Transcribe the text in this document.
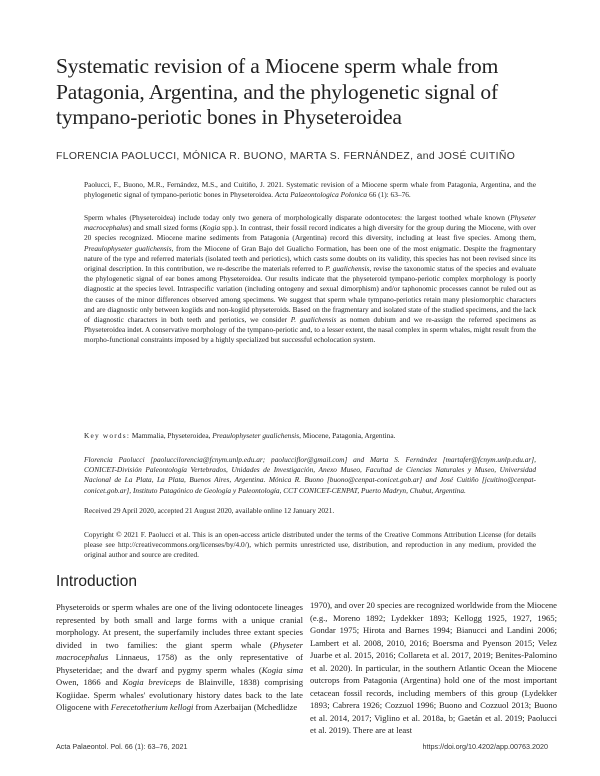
Systematic revision of a Miocene sperm whale from Patagonia, Argentina, and the phylogenetic signal of tympano-periotic bones in Physeteroidea
FLORENCIA PAOLUCCI, MÓNICA R. BUONO, MARTA S. FERNÁNDEZ, and JOSÉ CUITIÑO
Paolucci, F., Buono, M.R., Fernández, M.S., and Cuitiño, J. 2021. Systematic revision of a Miocene sperm whale from Patagonia, Argentina, and the phylogenetic signal of tympano-periotic bones in Physeteroidea. Acta Palaeontologica Polonica 66 (1): 63–76.
Sperm whales (Physeteroidea) include today only two genera of morphologically disparate odontocetes: the largest toothed whale known (Physeter macrocephalus) and small sized forms (Kogia spp.). In contrast, their fossil record indicates a high diversity for the group during the Miocene, with over 20 species recognized. Miocene marine sediments from Patagonia (Argentina) record this diversity, including at least five species. Among them, Preaulophyseter gualichensis, from the Miocene of Gran Bajo del Gualicho Formation, has been one of the most enigmatic. Despite the fragmentary nature of the type and referred materials (isolated teeth and periotics), which casts some doubts on its validity, this species has not been revised since its original description. In this contribution, we re-describe the materials referred to P. gualichensis, revise the taxonomic status of the species and evaluate the phylogenetic signal of ear bones among Physeteroidea. Our results indicate that the physeteroid tympano-periotic complex morphology is poorly diagnostic at the species level. Intraspecific variation (including ontogeny and sexual dimorphism) and/or taphonomic processes cannot be ruled out as the causes of the minor differences observed among specimens. We suggest that sperm whale tympano-periotics retain many plesiomorphic characters and are diagnostic only between kogiids and non-kogiid physeteroids. Based on the fragmentary and isolated state of the studied specimens, and the lack of diagnostic characters in both teeth and periotics, we consider P. gualichensis as nomen dubium and we re-assign the referred specimens as Physeteroidea indet. A conservative morphology of the tympano-periotic and, to a lesser extent, the nasal complex in sperm whales, might result from the morpho-functional constraints imposed by a highly specialized but successful echolocation system.
Key words: Mammalia, Physeteroidea, Preaulophyseter gualichensis, Miocene, Patagonia, Argentina.
Florencia Paolucci [paoluccilorencia@fcnym.unlp.edu.ar; paolucciflor@gmail.com] and Marta S. Fernández [martafer@fcnym.unlp.edu.ar], CONICET-División Paleontología Vertebrados, Unidades de Investigación, Anexo Museo, Facultad de Ciencias Naturales y Museo, Universidad Nacional de La Plata, La Plata, Buenos Aires, Argentina. Mónica R. Buono [buono@cenpat-conicet.gob.ar] and José Cuitiño [jcuitino@cenpat-conicet.gob.ar], Instituto Patagónico de Geología y Paleontología, CCT CONICET-CENPAT, Puerto Madryn, Chubut, Argentina.
Received 29 April 2020, accepted 21 August 2020, available online 12 January 2021.
Copyright © 2021 F. Paolucci et al. This is an open-access article distributed under the terms of the Creative Commons Attribution License (for details please see http://creativecommons.org/licenses/by/4.0/), which permits unrestricted use, distribution, and reproduction in any medium, provided the original author and source are credited.
Introduction
Physeteroids or sperm whales are one of the living odontocete lineages represented by both small and large forms with a unique cranial morphology. At present, the superfamily includes three extant species divided in two families: the giant sperm whale (Physeter macrocephalus Linnaeus, 1758) as the only representative of Physeteridae; and the dwarf and pygmy sperm whales (Kogia sima Owen, 1866 and Kogia breviceps de Blainville, 1838) comprising Kogiidae. Sperm whales' evolutionary history dates back to the late Oligocene with Ferecetotherium kellogi from Azerbaijan (Mchedlidze
1970), and over 20 species are recognized worldwide from the Miocene (e.g., Moreno 1892; Lydekker 1893; Kellogg 1925, 1927, 1965; Gondar 1975; Hirota and Barnes 1994; Bianucci and Landini 2006; Lambert et al. 2008, 2010, 2016; Boersma and Pyenson 2015; Velez Juarbe et al. 2015, 2016; Collareta et al. 2017, 2019; Benites-Palomino et al. 2020). In particular, in the southern Atlantic Ocean the Miocene outcrops from Patagonia (Argentina) hold one of the most important cetacean fossil records, including members of this group (Lydekker 1893; Cabrera 1926; Cozzuol 1996; Buono and Cozzuol 2013; Buono et al. 2014, 2017; Viglino et al. 2018a, b; Gaetán et al. 2019; Paolucci et al. 2019). There are at least
Acta Palaeontol. Pol. 66 (1): 63–76, 2021	https://doi.org/10.4202/app.00763.2020
